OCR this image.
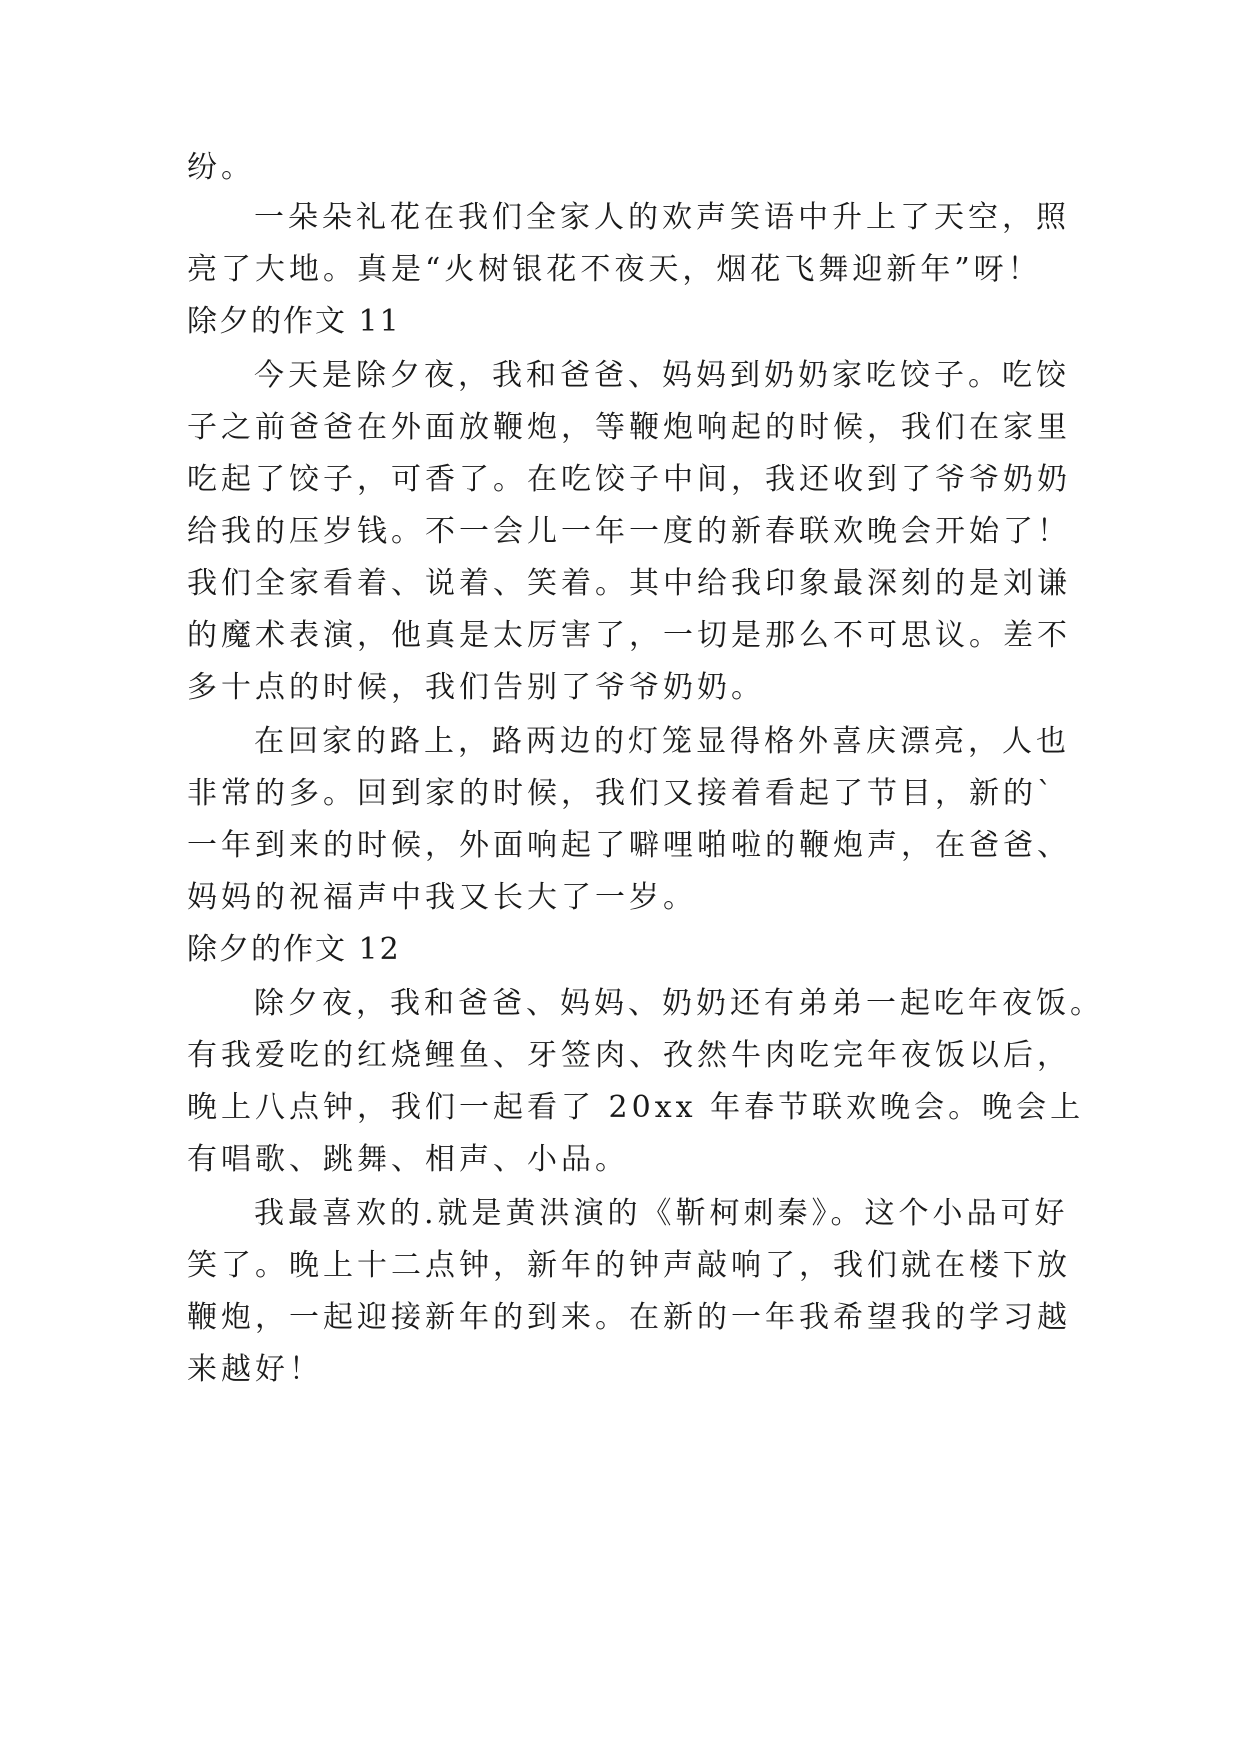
纷。
一朵朵礼花在我们全家人的欢声笑语中升上了天空，照
亮了大地。真是“火树银花不夜天，烟花飞舞迎新年”呀！
除夕的作文 11
今天是除夕夜，我和爸爸、妈妈到奶奶家吃饺子。吃饺
子之前爸爸在外面放鞭炮，等鞭炮响起的时候，我们在家里
吃起了饺子，可香了。在吃饺子中间，我还收到了爷爷奶奶
给我的压岁钱。不一会儿一年一度的新春联欢晚会开始了！
我们全家看着、说着、笑着。其中给我印象最深刻的是刘谦
的魔术表演，他真是太厉害了，一切是那么不可思议。差不
多十点的时候，我们告别了爷爷奶奶。
在回家的路上，路两边的灯笼显得格外喜庆漂亮，人也
非常的多。回到家的时候，我们又接着看起了节目，新的`
一年到来的时候，外面响起了噼哩啪啦的鞭炮声，在爸爸、
妈妈的祝福声中我又长大了一岁。
除夕的作文 12
除夕夜，我和爸爸、妈妈、奶奶还有弟弟一起吃年夜饭。
有我爱吃的红烧鲤鱼、牙签肉、孜然牛肉吃完年夜饭以后，
晚上八点钟，我们一起看了 20xx 年春节联欢晚会。晚会上
有唱歌、跳舞、相声、小品。
我最喜欢的.就是黄洪演的《靳柯刺秦》。这个小品可好
笑了。晚上十二点钟，新年的钟声敲响了，我们就在楼下放
鞭炮，一起迎接新年的到来。在新的一年我希望我的学习越
来越好！
